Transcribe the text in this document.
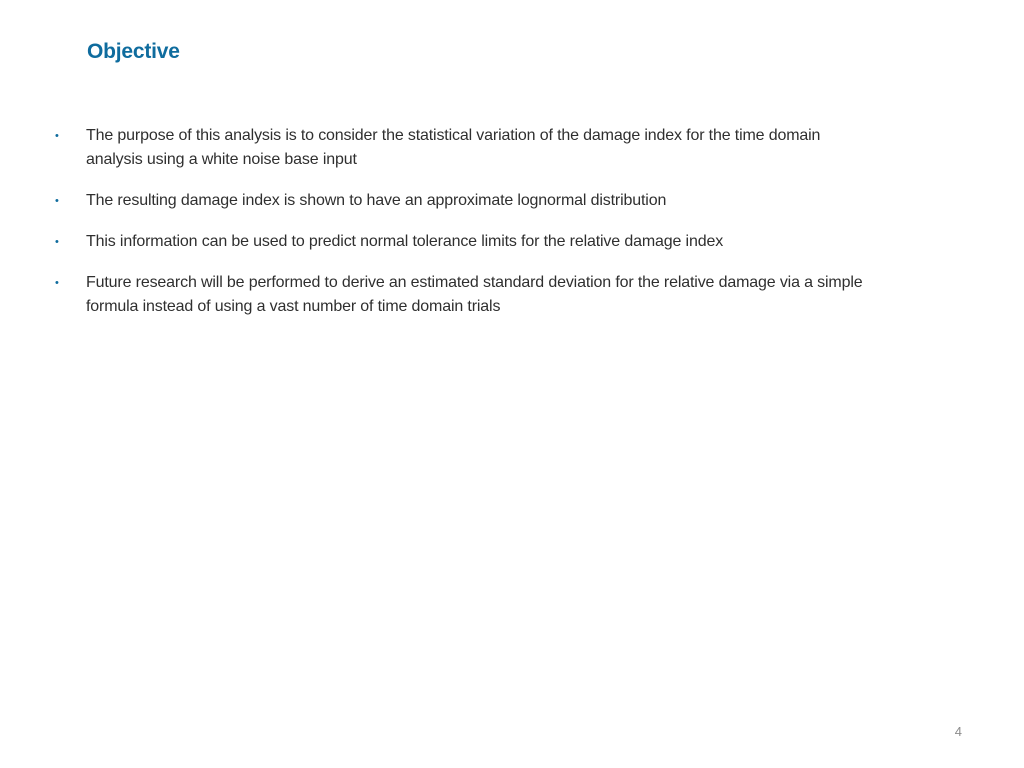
Objective
• The purpose of this analysis is to consider the statistical variation of the damage index for the time domain analysis using a white noise base input
• The resulting damage index is shown to have an approximate lognormal distribution
• This information can be used to predict normal tolerance limits for the relative damage index
• Future research will be performed to derive an estimated standard deviation for the relative damage via a simple formula instead of using a vast number of time domain trials
4
